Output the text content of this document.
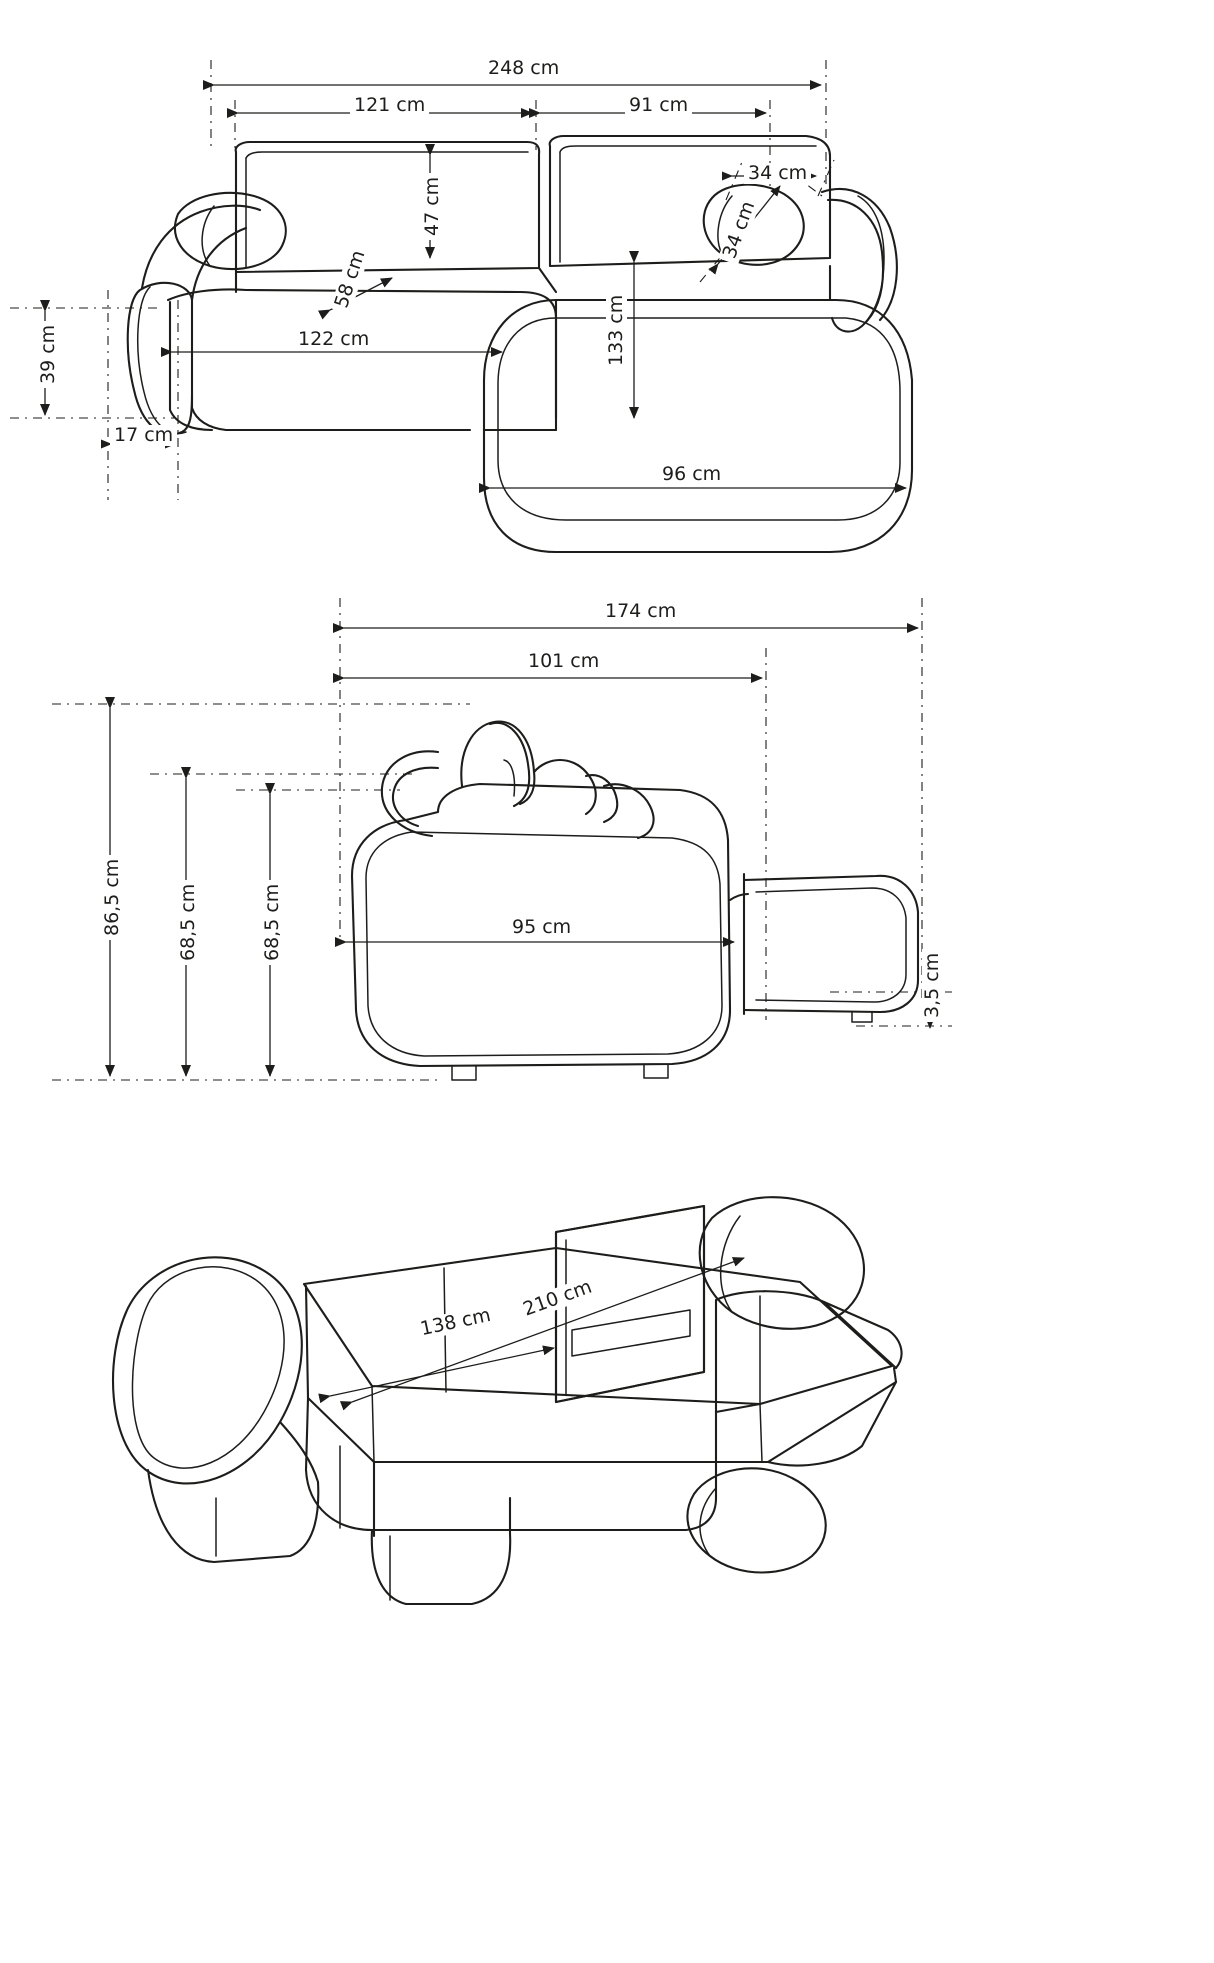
248 cm
121 cm	91 cm
47 cm
58 cm
122 cm
34 cm
34 cm
133 cm
96 cm
39 cm
17 cm
174 cm
101 cm
86,5 cm	68,5 cm	68,5 cm	95 cm
3,5 cm
138 cm
210 cm
